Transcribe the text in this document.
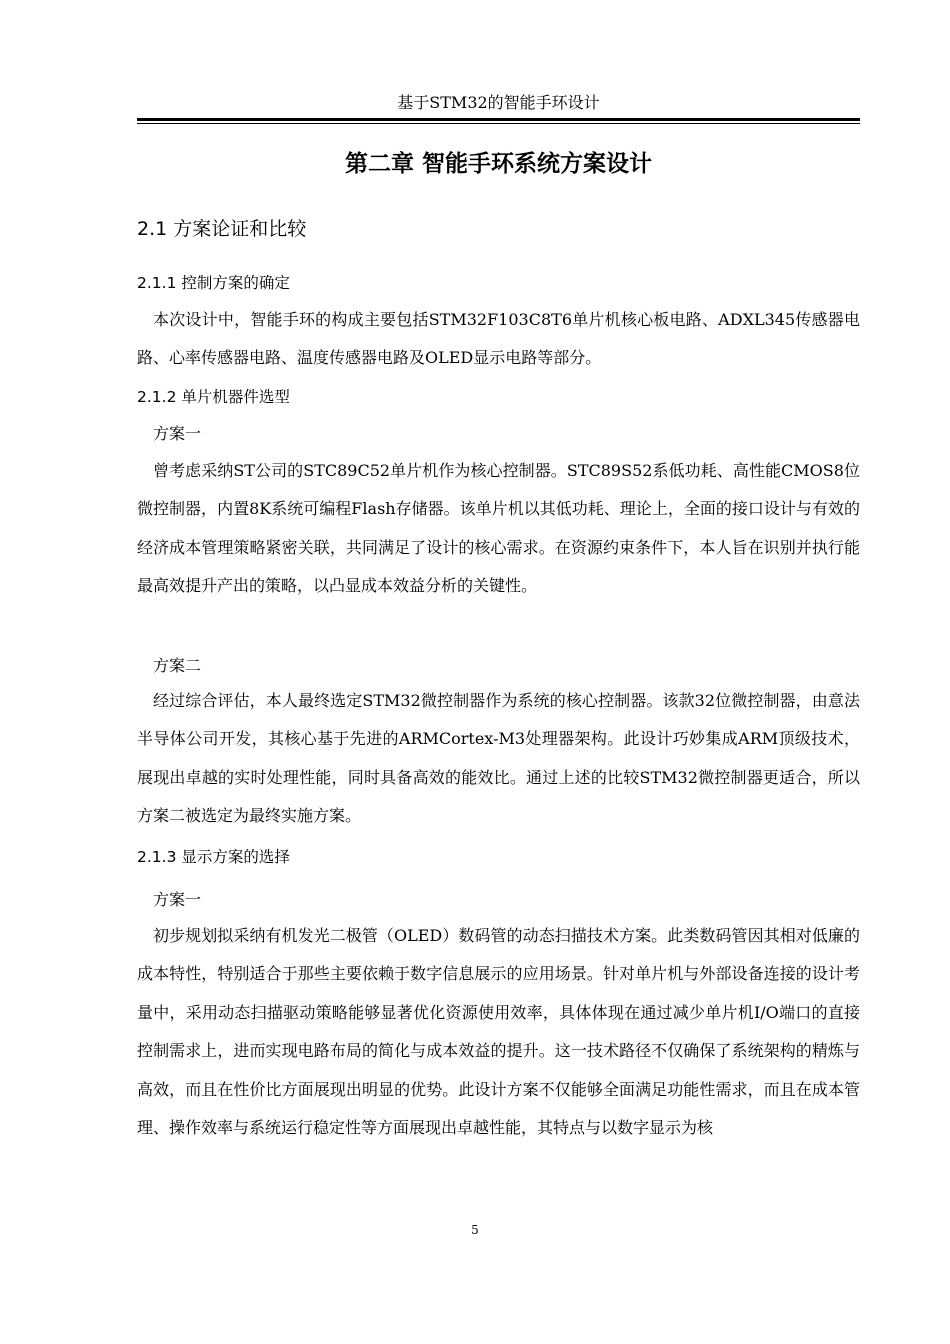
基于STM32的智能手环设计
第二章 智能手环系统方案设计
2.1 方案论证和比较
2.1.1 控制方案的确定

本次设计中，智能手环的构成主要包括STM32F103C8T6单片机核心板电路、ADXL345传感器电路、心率传感器电路、温度传感器电路及OLED显示电路等部分。

2.1.2 单片机器件选型
方案一

曾考虑采纳ST公司的STC89C52单片机作为核心控制器。STC89S52系低功耗、高性能CMOS8位微控制器，内置8K系统可编程Flash存储器。该单片机以其低功耗、理论上，全面的接口设计与有效的经济成本管理策略紧密关联，共同满足了设计的核心需求。在资源约束条件下，本人旨在识别并执行能最高效提升产出的策略，以凸显成本效益分析的关键性。

方案二

经过综合评估，本人最终选定STM32微控制器作为系统的核心控制器。该款32位微控制器，由意法半导体公司开发，其核心基于先进的ARMCortex-M3处理器架构。此设计巧妙集成ARM顶级技术，展现出卓越的实时处理性能，同时具备高效的能效比。通过上述的比较STM32微控制器更适合，所以方案二被选定为最终实施方案。

2.1.3 显示方案的选择
方案一

初步规划拟采纳有机发光二极管（OLED）数码管的动态扫描技术方案。此类数码管因其相对低廉的成本特性，特别适合于那些主要依赖于数字信息展示的应用场景。针对单片机与外部设备连接的设计考量中，采用动态扫描驱动策略能够显著优化资源使用效率，具体体现在通过减少单片机I/O端口的直接控制需求上，进而实现电路布局的简化与成本效益的提升。这一技术路径不仅确保了系统架构的精炼与高效，而且在性价比方面展现出明显的优势。此设计方案不仅能够全面满足功能性需求，而且在成本管理、操作效率与系统运行稳定性等方面展现出卓越性能，其特点与以数字显示为核

5
